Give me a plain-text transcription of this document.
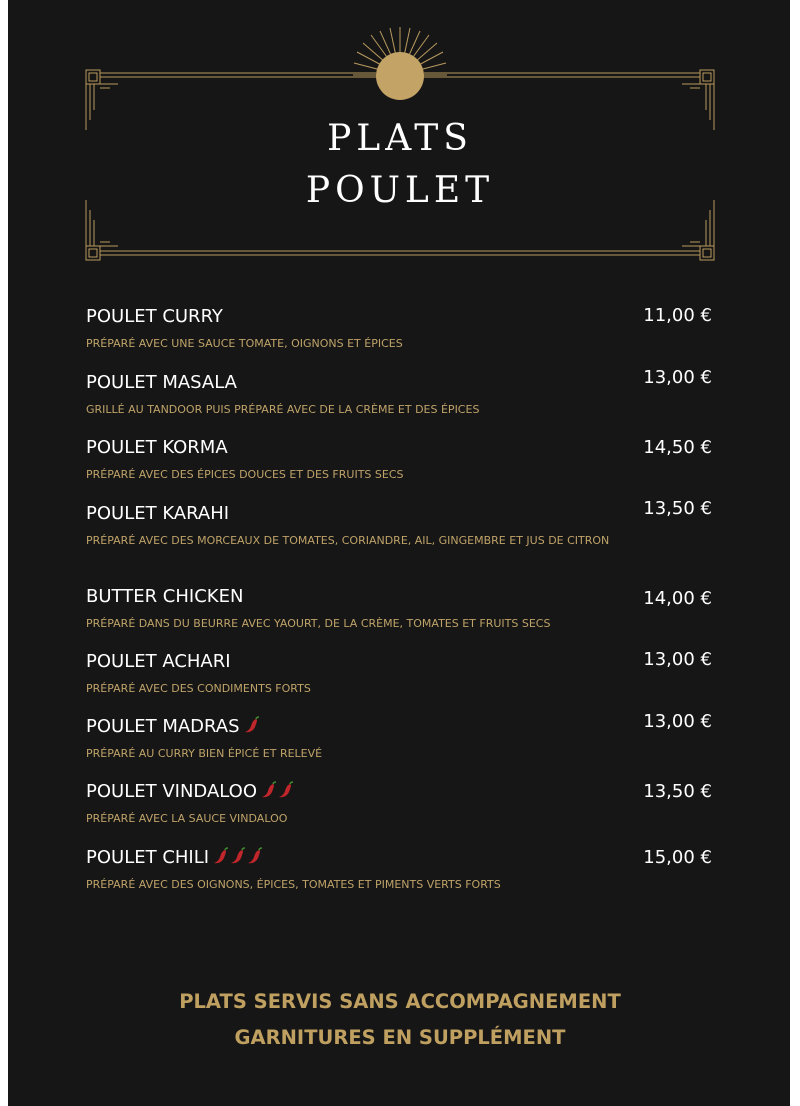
PLATS
POULET
POULET CURRY	11,00 €
PRÉPARÉ AVEC UNE SAUCE TOMATE, OIGNONS ET ÉPICES
POULET MASALA	13,00 €
GRILLÉ AU TANDOOR PUIS PRÉPARÉ AVEC DE LA CRÈME ET DES ÉPICES
POULET KORMA	14,50 €
PRÉPARÉ AVEC DES ÉPICES DOUCES ET DES FRUITS SECS
POULET KARAHI	13,50 €
PRÉPARÉ AVEC DES MORCEAUX DE TOMATES, CORIANDRE, AIL, GINGEMBRE ET JUS DE CITRON
BUTTER CHICKEN	14,00 €
PRÉPARÉ DANS DU BEURRE AVEC YAOURT, DE LA CRÈME, TOMATES ET FRUITS SECS
POULET ACHARI	13,00 €
PRÉPARÉ AVEC DES CONDIMENTS FORTS
POULET MADRAS	13,00 €
PRÉPARÉ AU CURRY BIEN ÉPICÉ ET RELEVÉ
POULET VINDALOO	13,50 €
PRÉPARÉ AVEC LA SAUCE VINDALOO
POULET CHILI	15,00 €
PRÉPARÉ AVEC DES OIGNONS, ÉPICES, TOMATES ET PIMENTS VERTS FORTS
PLATS SERVIS SANS ACCOMPAGNEMENT
GARNITURES EN SUPPLÉMENT
